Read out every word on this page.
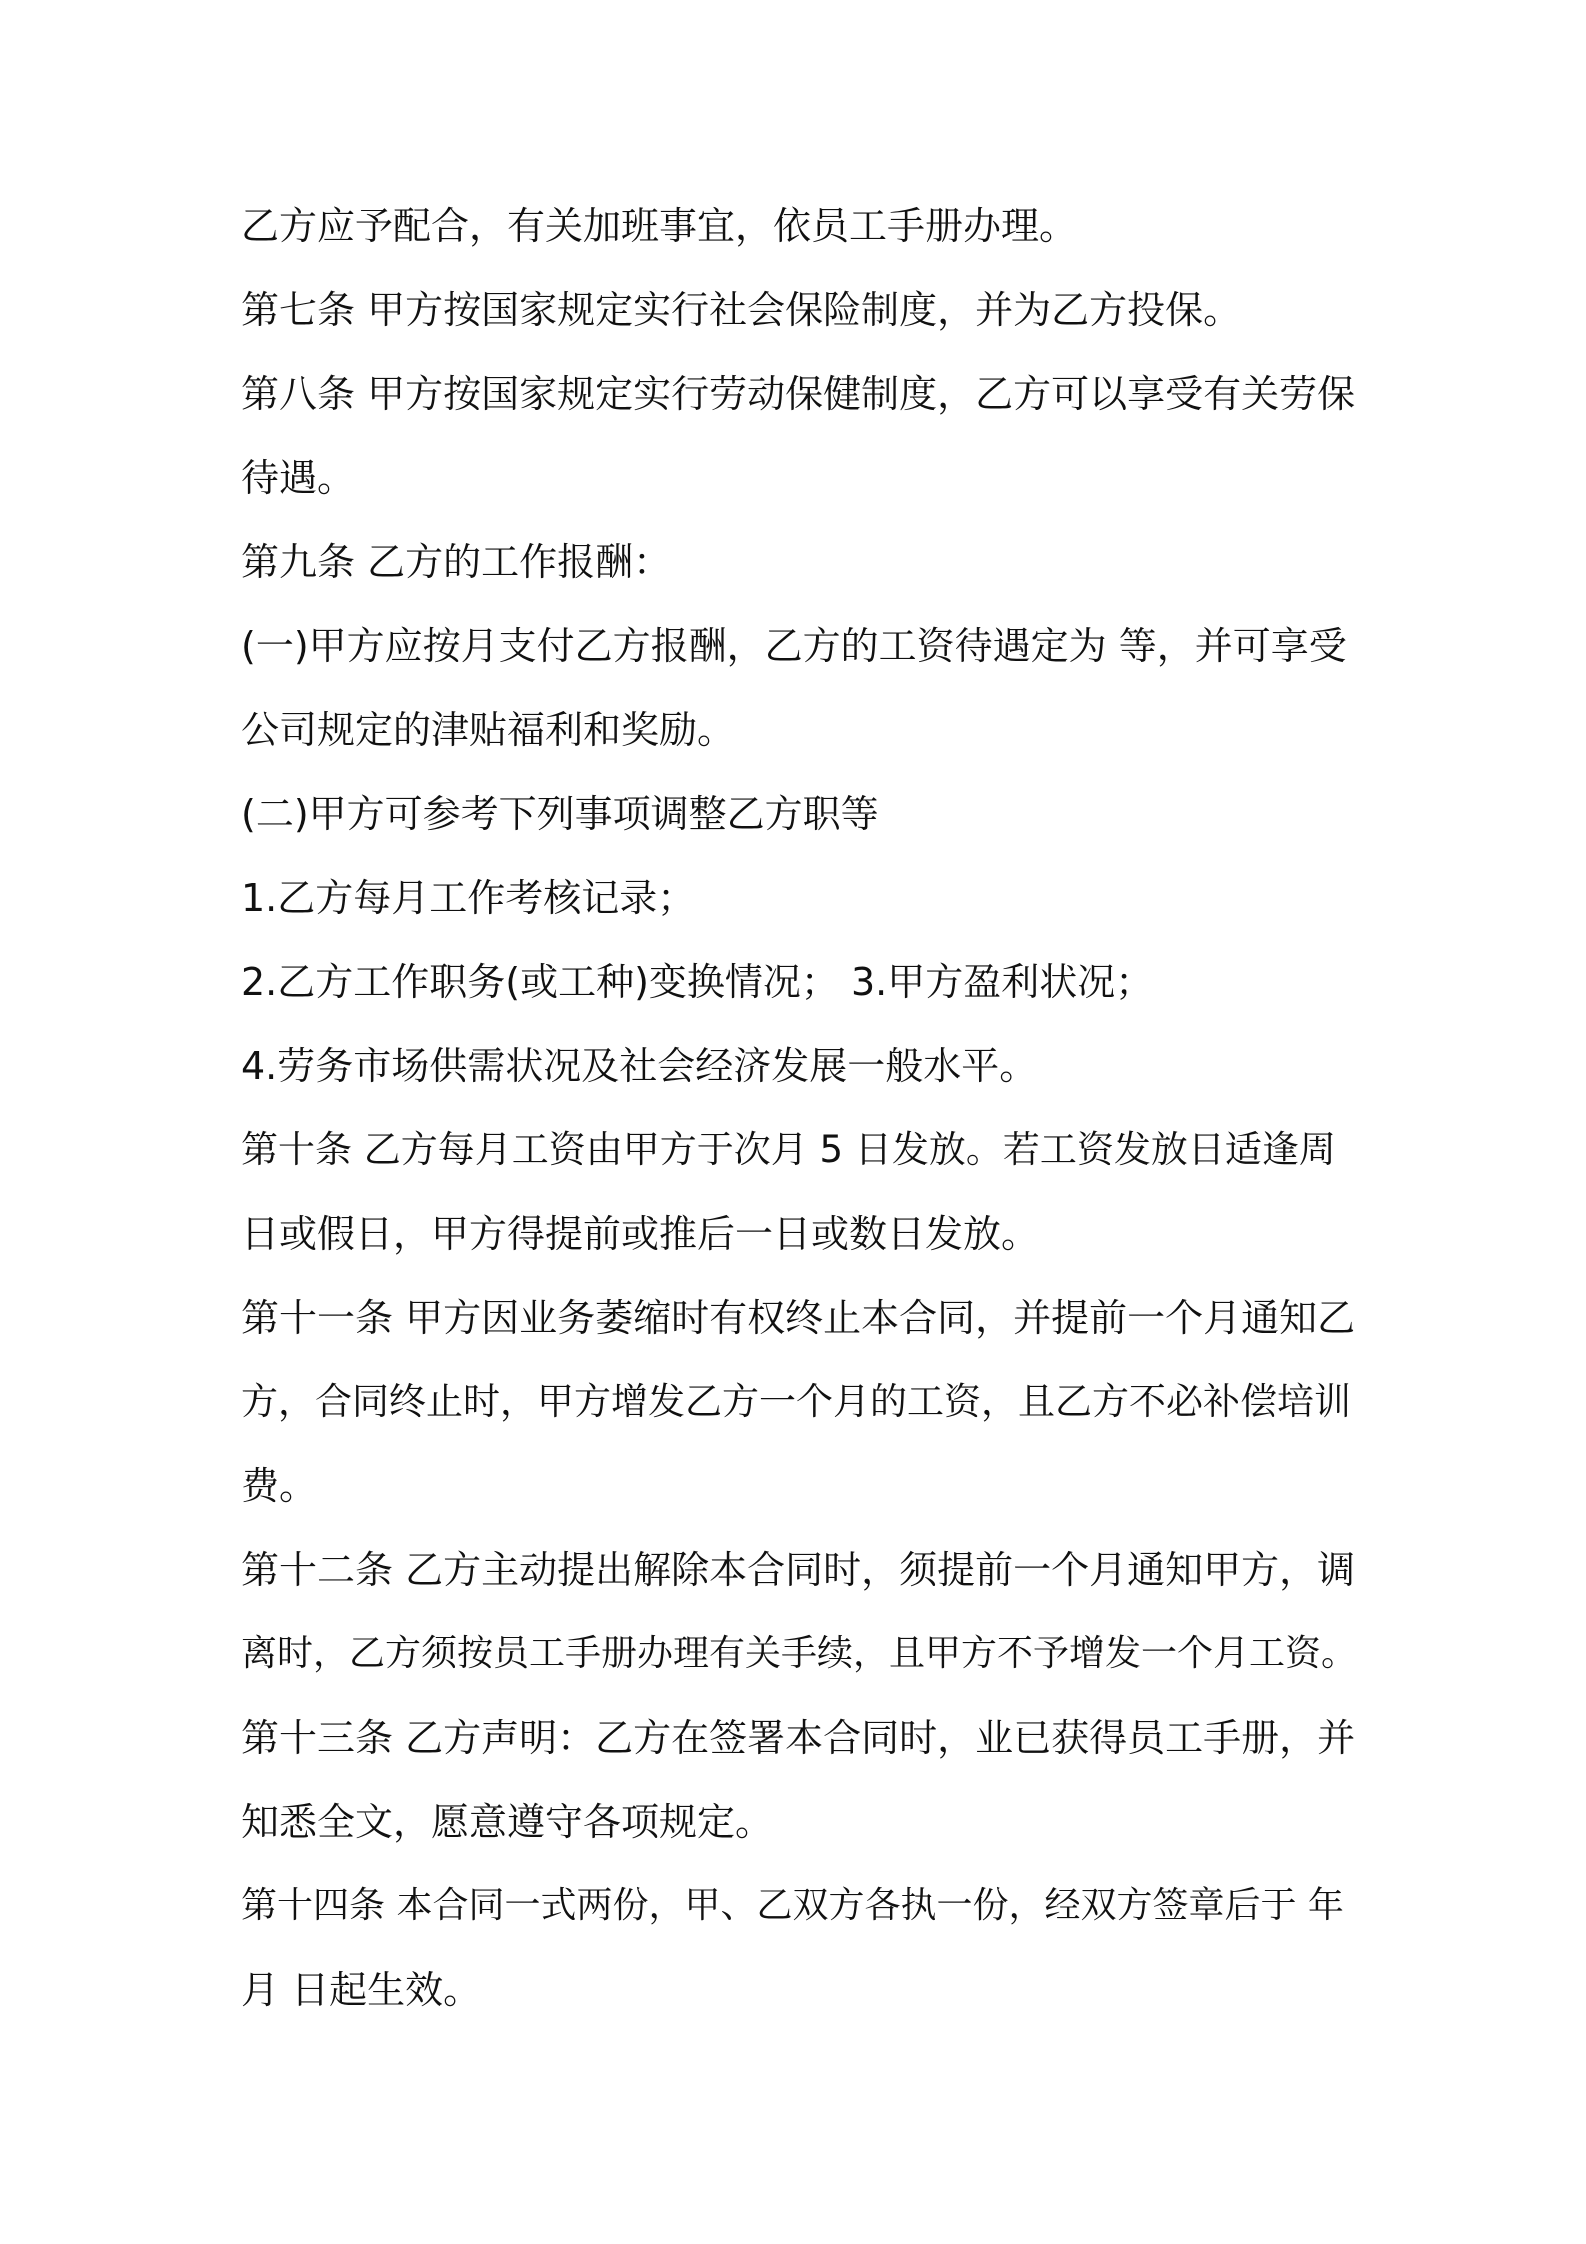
乙方应予配合，有关加班事宜，依员工手册办理。

第七条 甲方按国家规定实行社会保险制度，并为乙方投保。

第八条 甲方按国家规定实行劳动保健制度，乙方可以享受有关劳保

待遇。

第九条 乙方的工作报酬：

(一)甲方应按月支付乙方报酬，乙方的工资待遇定为 等，并可享受

公司规定的津贴福利和奖励。

(二)甲方可参考下列事项调整乙方职等

1.乙方每月工作考核记录；

2.乙方工作职务(或工种)变换情况； 3.甲方盈利状况；

4.劳务市场供需状况及社会经济发展一般水平。

第十条 乙方每月工资由甲方于次月 5 日发放。若工资发放日适逢周

日或假日，甲方得提前或推后一日或数日发放。

第十一条 甲方因业务萎缩时有权终止本合同，并提前一个月通知乙

方，合同终止时，甲方增发乙方一个月的工资，且乙方不必补偿培训

费。

第十二条 乙方主动提出解除本合同时，须提前一个月通知甲方，调

离时，乙方须按员工手册办理有关手续，且甲方不予增发一个月工资。

第十三条 乙方声明：乙方在签署本合同时，业已获得员工手册，并

知悉全文，愿意遵守各项规定。

第十四条 本合同一式两份，甲、乙双方各执一份，经双方签章后于 年

月 日起生效。
